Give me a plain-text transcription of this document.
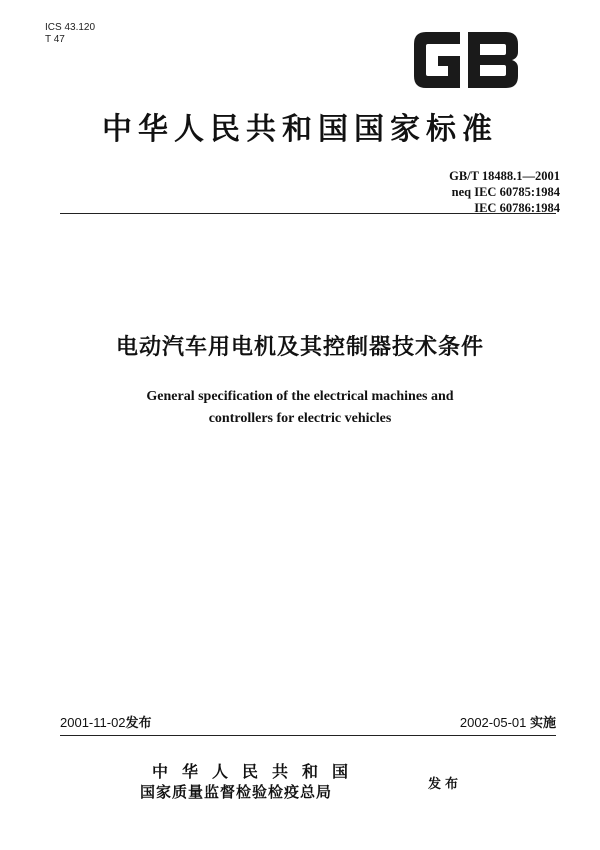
ICS 43.120
T 47
GB
中华人民共和国国家标准
GB/T 18488.1—2001
neq IEC 60785:1984
IEC 60786:1984
电动汽车用电机及其控制器技术条件
General specification of the electrical machines and
controllers for electric vehicles
2001-11-02发布	2002-05-01 实施
中华人民共和国
国家质量监督检验检疫总局	发布
